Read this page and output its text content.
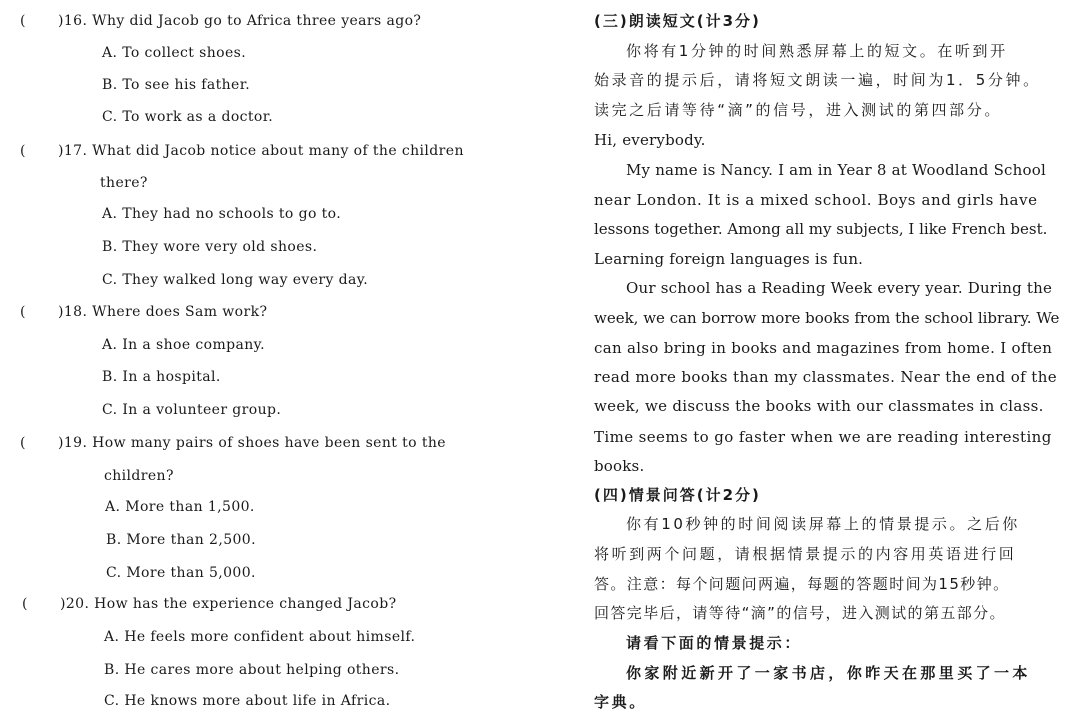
( )16. Why did Jacob go to Africa three years ago?
A. To collect shoes.
B. To see his father.
C. To work as a doctor.
( )17. What did Jacob notice about many of the children
there?
A. They had no schools to go to.
B. They wore very old shoes.
C. They walked long way every day.
( )18. Where does Sam work?
A. In a shoe company.
B. In a hospital.
C. In a volunteer group.
( )19. How many pairs of shoes have been sent to the
children?
A. More than 1,500.
B. More than 2,500.
C. More than 5,000.
( )20. How has the experience changed Jacob?
A. He feels more confident about himself.
B. He cares more about helping others.
C. He knows more about life in Africa.
(三)朗读短文(计3分)
你将有1分钟的时间熟悉屏幕上的短文。在听到开
始录音的提示后，请将短文朗读一遍，时间为1．5分钟。
读完之后请等待“滴”的信号，进入测试的第四部分。
Hi, everybody.
My name is Nancy. I am in Year 8 at Woodland School
near London. It is a mixed school. Boys and girls have
lessons together. Among all my subjects, I like French best.
Learning foreign languages is fun.
Our school has a Reading Week every year. During the
week, we can borrow more books from the school library. We
can also bring in books and magazines from home. I often
read more books than my classmates. Near the end of the
week, we discuss the books with our classmates in class.
Time seems to go faster when we are reading interesting
books.
(四)情景问答(计2分)
你有10秒钟的时间阅读屏幕上的情景提示。之后你
将听到两个问题，请根据情景提示的内容用英语进行回
答。注意：每个问题问两遍，每题的答题时间为15秒钟。
回答完毕后，请等待“滴”的信号，进入测试的第五部分。
请看下面的情景提示：
你家附近新开了一家书店，你昨天在那里买了一本
字典。
